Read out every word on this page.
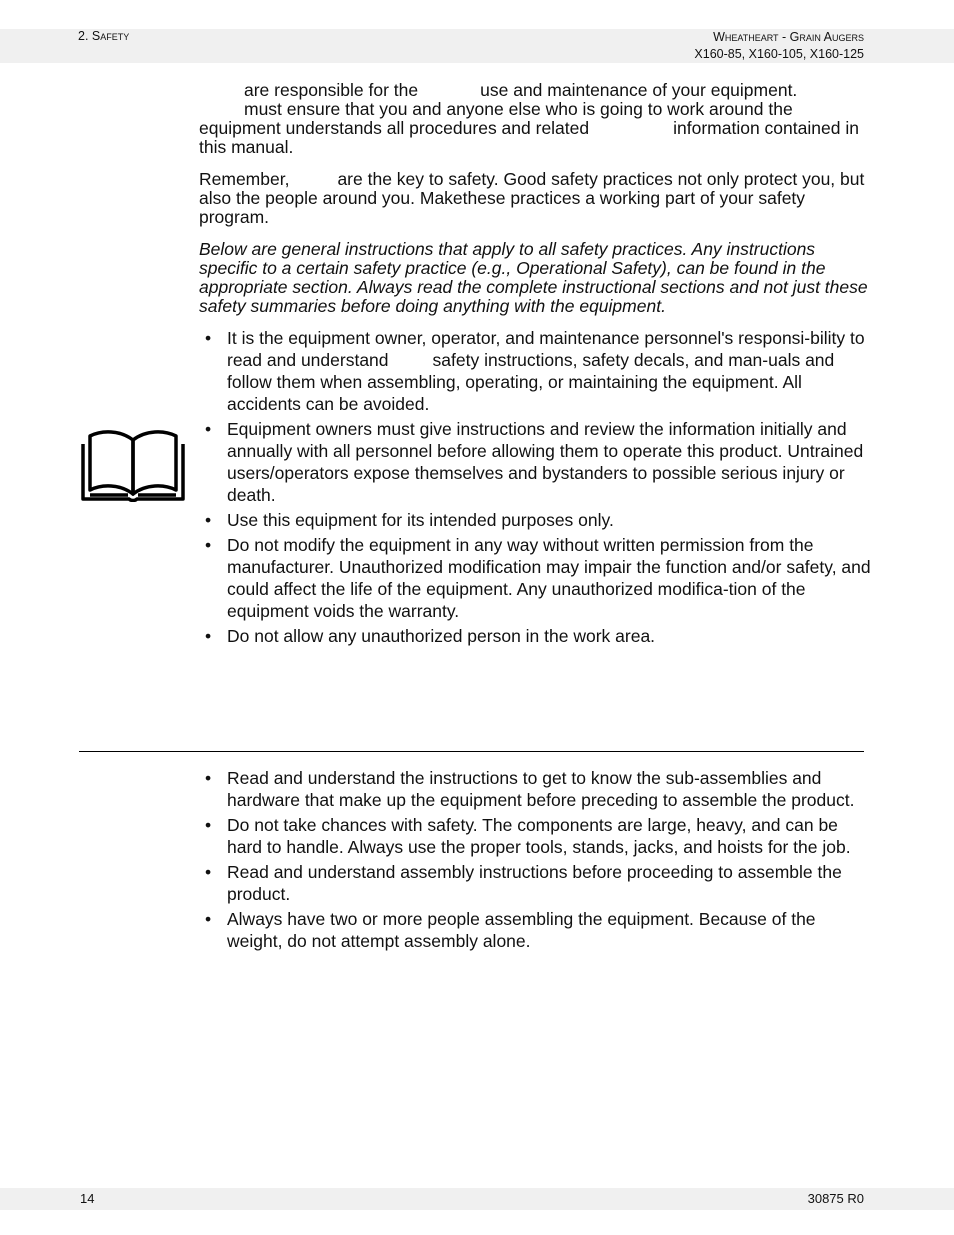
2. Safety	Wheatheart - Grain Augers
X160-85, X160-105, X160-125

are responsible for the	use and maintenance of your equipment.
must ensure that you and anyone else who is going to work around the equipment understands all procedures and related	information contained in this manual.

Remember,	are the key to safety. Good safety practices not only protect you, but also the people around you. Makethese practices a working part of your safety program.

Below are general instructions that apply to all safety practices. Any instructions specific to a certain safety practice (e.g., Operational Safety), can be found in the appropriate section. Always read the complete instructional sections and not just these safety summaries before doing anything with the equipment.

• It is the equipment owner, operator, and maintenance personnel's responsi-bility to read and understand	safety instructions, safety decals, and man-uals and follow them when assembling, operating, or maintaining the equipment. All accidents can be avoided.
• Equipment owners must give instructions and review the information initially and annually with all personnel before allowing them to operate this product. Untrained users/operators expose themselves and bystanders to possible serious injury or death.
• Use this equipment for its intended purposes only.
• Do not modify the equipment in any way without written permission from the manufacturer. Unauthorized modification may impair the function and/or safety, and could affect the life of the equipment. Any unauthorized modifica-tion of the equipment voids the warranty.
• Do not allow any unauthorized person in the work area.
• Read and understand the instructions to get to know the sub-assemblies and hardware that make up the equipment before preceding to assemble the product.
• Do not take chances with safety. The components are large, heavy, and can be hard to handle. Always use the proper tools, stands, jacks, and hoists for the job.
• Read and understand assembly instructions before proceeding to assemble the product.
• Always have two or more people assembling the equipment. Because of the weight, do not attempt assembly alone.
14	30875 R0
